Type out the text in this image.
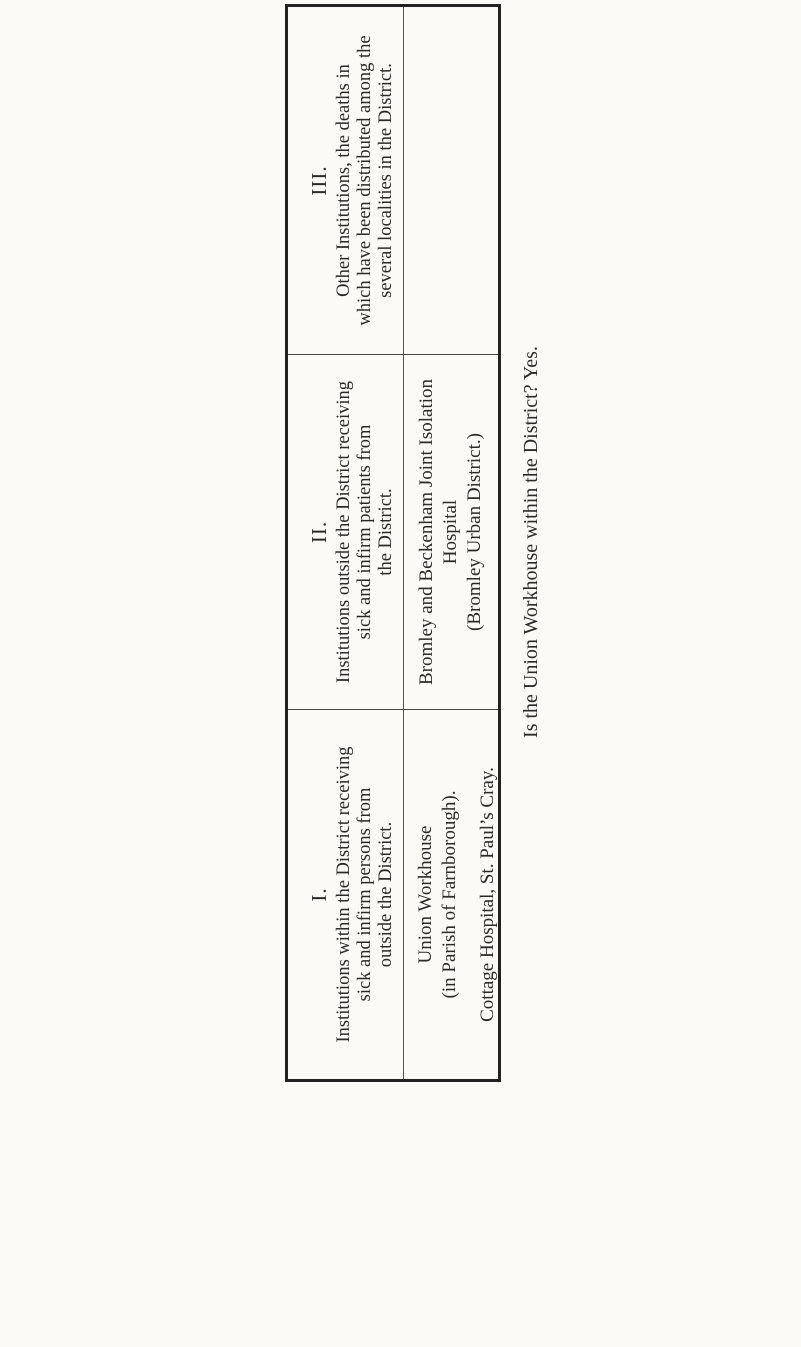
I. Institutions within the District receiving sick and infirm persons from outside the District. Union Workhouse (in Parish of Farnborough). Cottage Hospital, St. Paul’s Cray.
II. Institutions outside the District receiving sick and infirm patients from the District. Bromley and Beckenham Joint Isolation Hospital (Bromley Urban District.)
III. Other Institutions, the deaths in which have been distributed among the several localities in the District.
Is the Union Workhouse within the District? Yes.
